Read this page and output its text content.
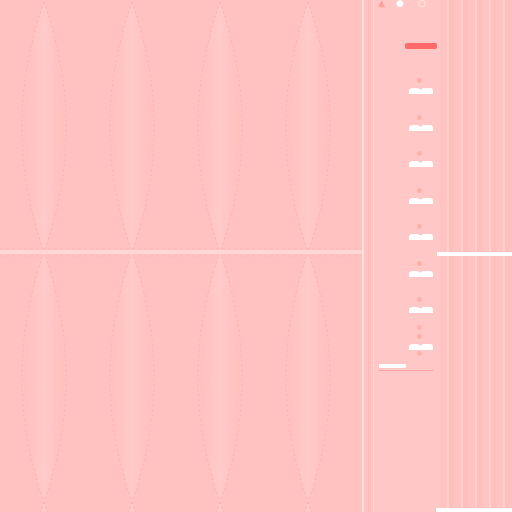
▲ ● ○
